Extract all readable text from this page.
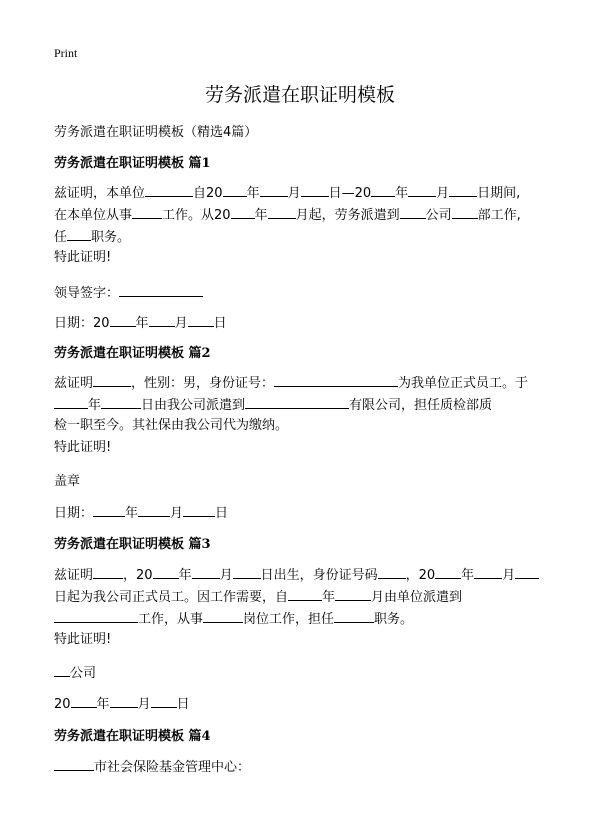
Print
劳务派遣在职证明模板
劳务派遣在职证明模板（精选4篇）
劳务派遣在职证明模板 篇1
兹证明，本单位	自20 年 月 日—20 年 月 日期间,
在本单位从事 工作。从20 年 月起，劳务派遣到 公司 部工作,
任 职务。
特此证明!
领导签字：
日期：20 年 月 日
劳务派遣在职证明模板 篇2
兹证明	，性别：男，身份证号：	为我单位正式员工。于
年	日由我公司派遣到	有限公司，担任质检部质
检一职至今。其社保由我公司代为缴纳。
特此证明!
盖章
日期： 年 月 日
劳务派遣在职证明模板 篇3
兹证明 ，20 年 月 日出生，身份证号码 ，20 年 月
日起为我公司正式员工。因工作需要，自	年	月由单位派遣到
工作，从事	岗位工作，担任	职务。
特此证明!
公司
20 年 月 日
劳务派遣在职证明模板 篇4
市社会保险基金管理中心：
